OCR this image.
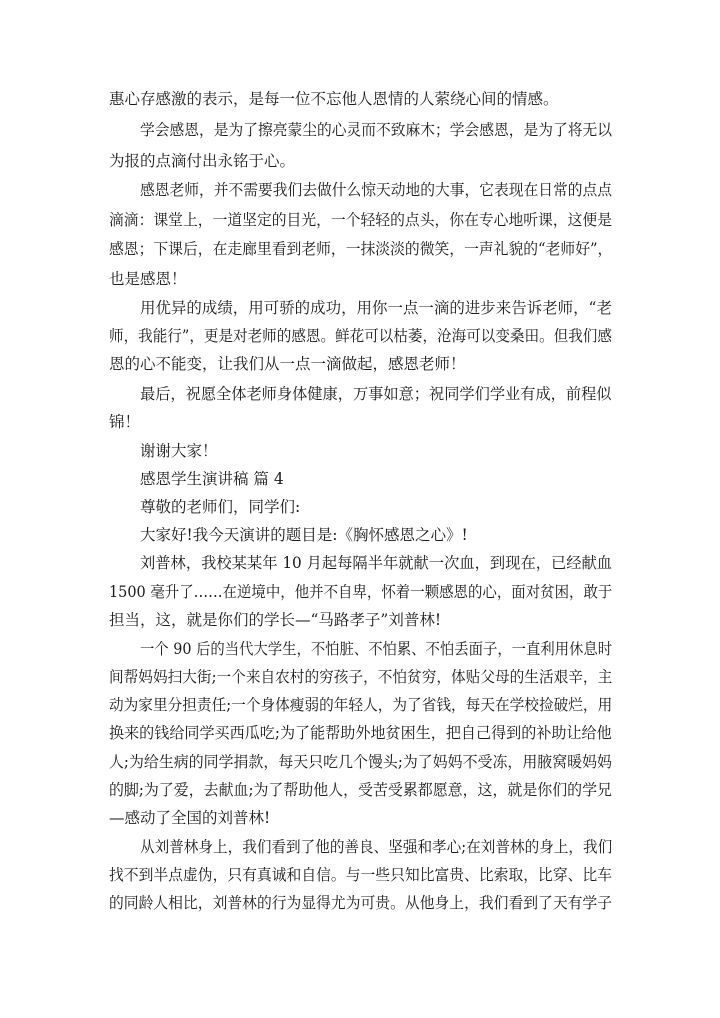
惠心存感激的表示，是每一位不忘他人恩情的人萦绕心间的情感。
学会感恩，是为了擦亮蒙尘的心灵而不致麻木；学会感恩，是为了将无以
为报的点滴付出永铭于心。
感恩老师，并不需要我们去做什么惊天动地的大事，它表现在日常的点点
滴滴：课堂上，一道坚定的目光，一个轻轻的点头，你在专心地听课，这便是
感恩；下课后，在走廊里看到老师，一抹淡淡的微笑，一声礼貌的“老师好”，
也是感恩！
用优异的成绩，用可骄的成功，用你一点一滴的进步来告诉老师，“老
师，我能行”，更是对老师的感恩。鲜花可以枯萎，沧海可以变桑田。但我们感
恩的心不能变，让我们从一点一滴做起，感恩老师！
最后，祝愿全体老师身体健康，万事如意；祝同学们学业有成，前程似
锦！
谢谢大家！
感恩学生演讲稿 篇 4
尊敬的老师们，同学们:
大家好!我今天演讲的题目是:《胸怀感恩之心》!
刘普林，我校某某年 10 月起每隔半年就献一次血，到现在，已经献血
1500 毫升了……在逆境中，他并不自卑，怀着一颗感恩的心，面对贫困，敢于
担当，这，就是你们的学长—“马路孝子”刘普林!
一个 90 后的当代大学生，不怕脏、不怕累、不怕丢面子，一直利用休息时
间帮妈妈扫大街;一个来自农村的穷孩子，不怕贫穷，体贴父母的生活艰辛，主
动为家里分担责任;一个身体瘦弱的年轻人，为了省钱，每天在学校捡破烂，用
换来的钱给同学买西瓜吃;为了能帮助外地贫困生，把自己得到的补助让给他
人;为给生病的同学捐款，每天只吃几个馒头;为了妈妈不受冻，用腋窝暖妈妈
的脚;为了爱，去献血;为了帮助他人，受苦受累都愿意，这，就是你们的学兄
—感动了全国的刘普林!
从刘普林身上，我们看到了他的善良、坚强和孝心;在刘普林的身上，我们
找不到半点虚伪，只有真诚和自信。与一些只知比富贵、比索取，比穿、比车
的同龄人相比，刘普林的行为显得尤为可贵。从他身上，我们看到了天有学子
